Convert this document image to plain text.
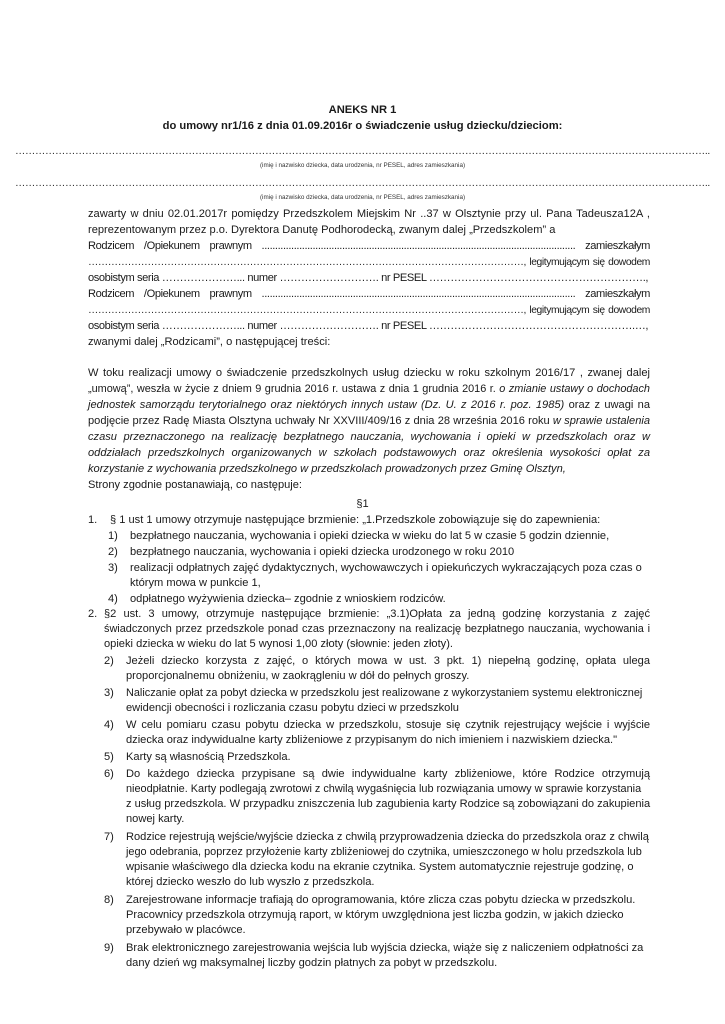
ANEKS NR 1
do umowy nr1/16 z dnia 01.09.2016r o świadczenie usług dziecku/dzieciom:
………………………………………………………………………………………………………………………………………………………………………………………..
(imię i nazwisko dziecka, data urodzenia, nr PESEL, adres zamieszkania)
………………………………………………………………………………………………………………………………………………………………………………………..
(imię i nazwisko dziecka, data urodzenia, nr PESEL, adres zamieszkania)
zawarty w dniu 02.01.2017r pomiędzy Przedszkolem Miejskim Nr ..37 w Olsztynie przy ul. Pana Tadeusza12A ,
reprezentowanym przez p.o. Dyrektora Danutę Podhorodecką, zwanym dalej „Przedszkolem” a
Rodzicem /Opiekunem prawnym ..................................................................................................................... zamieszkałym
……………………………………………………………………………………………………………………, legitymującym się dowodem
osobistym seria …………………... numer ………………………. nr PESEL …………………………………………………….,
Rodzicem /Opiekunem prawnym ..................................................................................................................... zamieszkałym
……………………………………………………………………………………………………………………, legitymującym się dowodem
osobistym seria …………………... numer ………………………. nr PESEL ………………………………………………….…,
zwanymi dalej „Rodzicami”, o następującej treści:
W toku realizacji umowy o świadczenie przedszkolnych usług dziecku w roku szkolnym 2016/17 , zwanej dalej
„umową”, weszła w życie z dniem 9 grudnia 2016 r. ustawa z dnia 1 grudnia 2016 r. o zmianie ustawy o dochodach
jednostek samorządu terytorialnego oraz niektórych innych ustaw (Dz. U. z 2016 r. poz. 1985) oraz z uwagi na
podjęcie przez Radę Miasta Olsztyna uchwały Nr XXVIII/409/16 z dnia 28 września 2016 roku w sprawie ustalenia
czasu przeznaczonego na realizację bezpłatnego nauczania, wychowania i opieki w przedszkolach oraz w
oddziałach przedszkolnych organizowanych w szkołach podstawowych oraz określenia wysokości opłat za
korzystanie z wychowania przedszkolnego w przedszkolach prowadzonych przez Gminę Olsztyn,
Strony zgodnie postanawiają, co następuje:
§1
1. § 1 ust 1 umowy otrzymuje następujące brzmienie: „1.Przedszkole zobowiązuje się do zapewnienia:
1) bezpłatnego nauczania, wychowania i opieki dziecka w wieku do lat 5 w czasie 5 godzin dziennie,
2) bezpłatnego nauczania, wychowania i opieki dziecka urodzonego w roku 2010
3) realizacji odpłatnych zajęć dydaktycznych, wychowawczych i opiekuńczych wykraczających poza czas o
którym mowa w punkcie 1,
4) odpłatnego wyżywienia dziecka– zgodnie z wnioskiem rodziców.
2. §2 ust. 3 umowy, otrzymuje następujące brzmienie: „3.1)Opłata za jedną godzinę korzystania z zajęć
świadczonych przez przedszkole ponad czas przeznaczony na realizację bezpłatnego nauczania, wychowania i
opieki dziecka w wieku do lat 5 wynosi 1,00 złoty (słownie: jeden złoty).
2) Jeżeli dziecko korzysta z zajęć, o których mowa w ust. 3 pkt. 1) niepełną godzinę, opłata ulega
proporcjonalnemu obniżeniu, w zaokrągleniu w dół do pełnych groszy.
3) Naliczanie opłat za pobyt dziecka w przedszkolu jest realizowane z wykorzystaniem systemu elektronicznej
ewidencji obecności i rozliczania czasu pobytu dzieci w przedszkolu
4) W celu pomiaru czasu pobytu dziecka w przedszkolu, stosuje się czytnik rejestrujący wejście i wyjście
dziecka oraz indywidualne karty zbliżeniowe z przypisanym do nich imieniem i nazwiskiem dziecka."
5) Karty są własnością Przedszkola.
6) Do każdego dziecka przypisane są dwie indywidualne karty zbliżeniowe, które Rodzice otrzymują
nieodpłatnie. Karty podlegają zwrotowi z chwilą wygaśnięcia lub rozwiązania umowy w sprawie korzystania
z usług przedszkola. W przypadku zniszczenia lub zagubienia karty Rodzice są zobowiązani do zakupienia
nowej karty.
7) Rodzice rejestrują wejście/wyjście dziecka z chwilą przyprowadzenia dziecka do przedszkola oraz z chwilą
jego odebrania, poprzez przyłożenie karty zbliżeniowej do czytnika, umieszczonego w holu przedszkola lub
wpisanie właściwego dla dziecka kodu na ekranie czytnika. System automatycznie rejestruje godzinę, o
której dziecko weszło do lub wyszło z przedszkola.
8) Zarejestrowane informacje trafiają do oprogramowania, które zlicza czas pobytu dziecka w przedszkolu.
Pracownicy przedszkola otrzymują raport, w którym uwzględniona jest liczba godzin, w jakich dziecko
przebywało w placówce.
9) Brak elektronicznego zarejestrowania wejścia lub wyjścia dziecka, wiąże się z naliczeniem odpłatności za
dany dzień wg maksymalnej liczby godzin płatnych za pobyt w przedszkolu.
